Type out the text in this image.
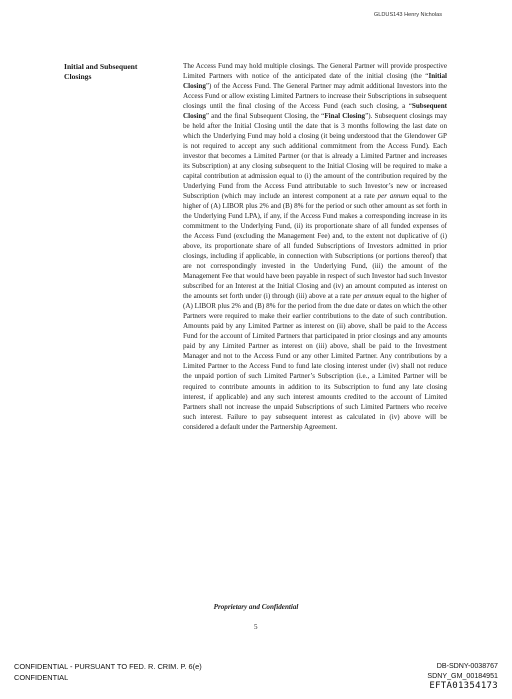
GLDUS143 Henry Nicholas
Initial and Subsequent Closings
The Access Fund may hold multiple closings. The General Partner will provide prospective Limited Partners with notice of the anticipated date of the initial closing (the “Initial Closing”) of the Access Fund. The General Partner may admit additional Investors into the Access Fund or allow existing Limited Partners to increase their Subscriptions in subsequent closings until the final closing of the Access Fund (each such closing, a “Subsequent Closing” and the final Subsequent Closing, the “Final Closing”). Subsequent closings may be held after the Initial Closing until the date that is 3 months following the last date on which the Underlying Fund may hold a closing (it being understood that the Glendower GP is not required to accept any such additional commitment from the Access Fund). Each investor that becomes a Limited Partner (or that is already a Limited Partner and increases its Subscription) at any closing subsequent to the Initial Closing will be required to make a capital contribution at admission equal to (i) the amount of the contribution required by the Underlying Fund from the Access Fund attributable to such Investor’s new or increased Subscription (which may include an interest component at a rate per annum equal to the higher of (A) LIBOR plus 2% and (B) 8% for the period or such other amount as set forth in the Underlying Fund LPA), if any, if the Access Fund makes a corresponding increase in its commitment to the Underlying Fund, (ii) its proportionate share of all funded expenses of the Access Fund (excluding the Management Fee) and, to the extent not duplicative of (i) above, its proportionate share of all funded Subscriptions of Investors admitted in prior closings, including if applicable, in connection with Subscriptions (or portions thereof) that are not correspondingly invested in the Underlying Fund, (iii) the amount of the Management Fee that would have been payable in respect of such Investor had such Investor subscribed for an Interest at the Initial Closing and (iv) an amount computed as interest on the amounts set forth under (i) through (iii) above at a rate per annum equal to the higher of (A) LIBOR plus 2% and (B) 8% for the period from the due date or dates on which the other Partners were required to make their earlier contributions to the date of such contribution. Amounts paid by any Limited Partner as interest on (ii) above, shall be paid to the Access Fund for the account of Limited Partners that participated in prior closings and any amounts paid by any Limited Partner as interest on (iii) above, shall be paid to the Investment Manager and not to the Access Fund or any other Limited Partner. Any contributions by a Limited Partner to the Access Fund to fund late closing interest under (iv) shall not reduce the unpaid portion of such Limited Partner’s Subscription (i.e., a Limited Partner will be required to contribute amounts in addition to its Subscription to fund any late closing interest, if applicable) and any such interest amounts credited to the account of Limited Partners shall not increase the unpaid Subscriptions of such Limited Partners who receive such interest. Failure to pay subsequent interest as calculated in (iv) above will be considered a default under the Partnership Agreement.
Proprietary and Confidential
5
CONFIDENTIAL - PURSUANT TO FED. R. CRIM. P. 6(e)
CONFIDENTIAL
DB-SDNY-0038767
SDNY_GM_00184951
EFTA01354173
